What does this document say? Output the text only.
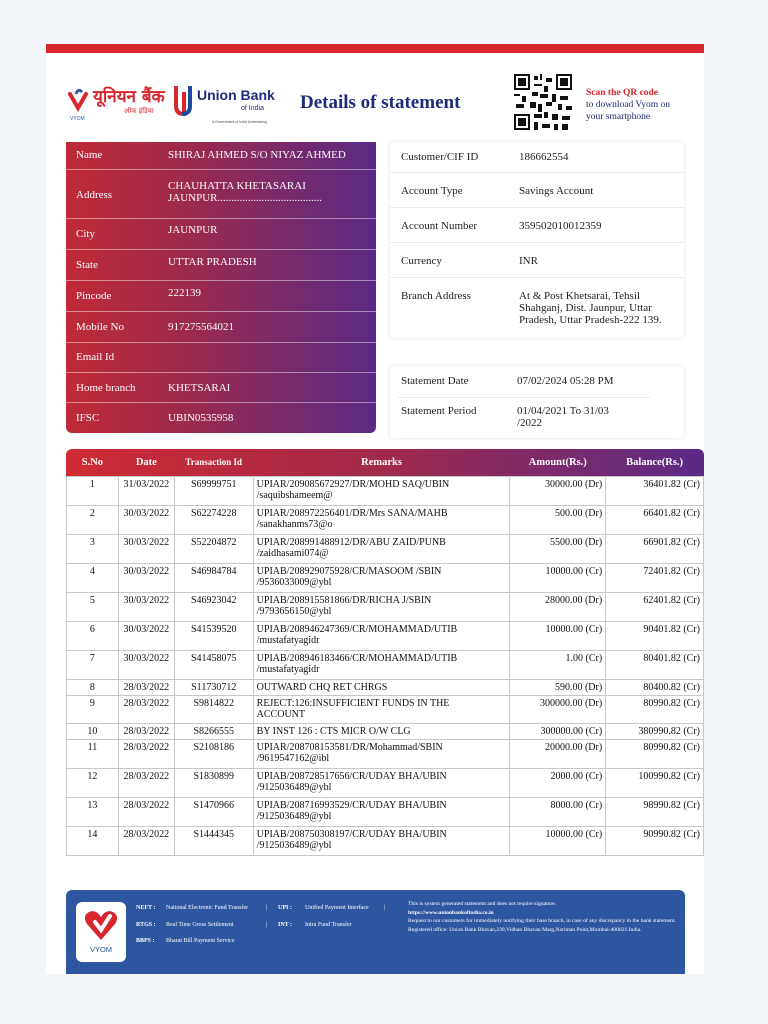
VYOM
यूनियन बैंक
ऑफ इंडिया
Union Bank
of India
A Government of India Undertaking
Details of statement	Scan the QR code
to download Vyom on
your smartphone
Name	SHIRAJ AHMED S/O NIYAZ AHMED
Address
CHAUHATTA KHETASARAI
JAUNPUR......................................
City	JAUNPUR
State	UTTAR PRADESH
Pincode	222139
Mobile No	917275564021
Email Id
Home branch	KHETSARAI
IFSC	UBIN0535958
Customer/CIF ID	186662554
Account Type	Savings Account
Account Number	359502010012359
Currency	INR
Branch Address	At & Post Khetsarai, Tehsil
Shahganj, Dist. Jaunpur, Uttar
Pradesh, Uttar Pradesh-222 139.
Statement Date	07/02/2024 05:28 PM
Statement Period	01/04/2021 To 31/03
/2022
S.No	Date	Transaction Id	Remarks	Amount(Rs.)	Balance(Rs.)
1	31/03/2022	S69999751	UPIAR/209085672927/DR/MOHD SAQ/UBIN
/saquibshameem@	30000.00 (Dr)	36401.82 (Cr)
2	30/03/2022	S62274228	UPIAR/208972256401/DR/Mrs SANA/MAHB
/sanakhanms73@o	500.00 (Dr)	66401.82 (Cr)
3	30/03/2022	S52204872	UPIAR/208991488912/DR/ABU ZAID/PUNB
/zaidhasami074@	5500.00 (Dr)	66901.82 (Cr)
4	30/03/2022	S46984784	UPIAB/208929075928/CR/MASOOM /SBIN
/9536033009@ybl	10000.00 (Cr)	72401.82 (Cr)
5	30/03/2022	S46923042	UPIAB/208915581866/DR/RICHA J/SBIN
/9793656150@ybl	28000.00 (Dr)	62401.82 (Cr)
6	30/03/2022	S41539520	UPIAB/208946247369/CR/MOHAMMAD/UTIB
/mustafatyagidr	10000.00 (Cr)	90401.82 (Cr)
7	30/03/2022	S41458075	UPIAB/208946183466/CR/MOHAMMAD/UTIB
/mustafatyagidr	1.00 (Cr)	80401.82 (Cr)
8	28/03/2022	S11730712	OUTWARD CHQ RET CHRGS	590.00 (Dr)	80400.82 (Cr)
9	28/03/2022	S9814822	REJECT:126:INSUFFICIENT FUNDS IN THE
ACCOUNT	300000.00 (Dr)	80990.82 (Cr)
10	28/03/2022	S8266555	BY INST 126 : CTS MICR O/W CLG	300000.00 (Cr)	380990.82 (Cr)
11	28/03/2022	S2108186	UPIAR/208708153581/DR/Mohammad/SBIN
/9619547162@ibl	20000.00 (Dr)	80990.82 (Cr)
12	28/03/2022	S1830899	UPIAB/208728517656/CR/UDAY BHA/UBIN
/9125036489@ybl	2000.00 (Cr)	100990.82 (Cr)
13	28/03/2022	S1470966	UPIAB/208716993529/CR/UDAY BHA/UBIN
/9125036489@ybl	8000.00 (Cr)	98990.82 (Cr)
14	28/03/2022	S1444345	UPIAB/208750308197/CR/UDAY BHA/UBIN
/9125036489@ybl	10000.00 (Cr)	90990.82 (Cr)
VYOM
NEFT : National Electronic Fund Transfer	| UPI : Unified Payment Interface	|
RTGS : Real Time Gross Settlement	| INT : Intra Fund Transfer
BBPS : Bharat Bill Payment Service
This is system generated statement and does not require signature.
https://www.unionbankofindia.co.in
Request to our customers for immediately notifying their base branch, in case of any discrepancy in the bank statement.
Registered office: Union Bank Bhavan,239,Vidhan Bhavan Marg,Nariman Point,Mumbai-400021.India.
